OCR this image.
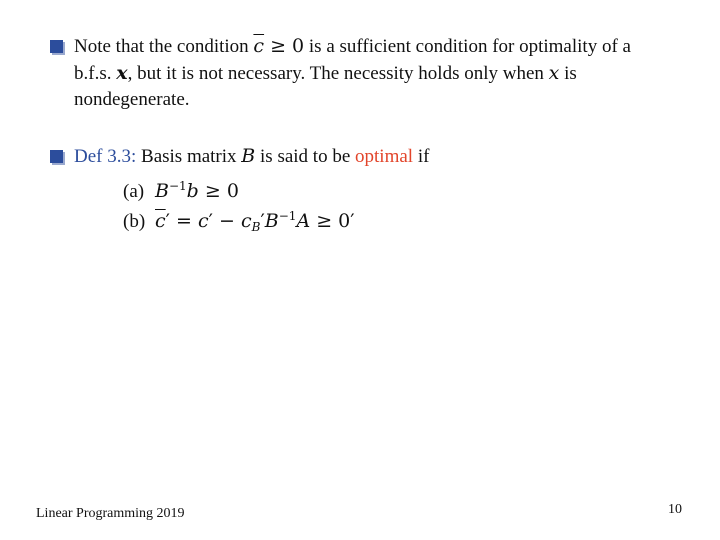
Note that the condition $\overline{c} \ge 0$ is a sufficient condition for optimality of a b.f.s. x, but it is not necessary. The necessity holds only when x is nondegenerate.
Def 3.3: Basis matrix B is said to be optimal if
(a) $B^{-1}b \ge 0$
(b) $\overline{c}' = c' - c_B'B^{-1}A \ge 0'$
Linear Programming 2019	10
